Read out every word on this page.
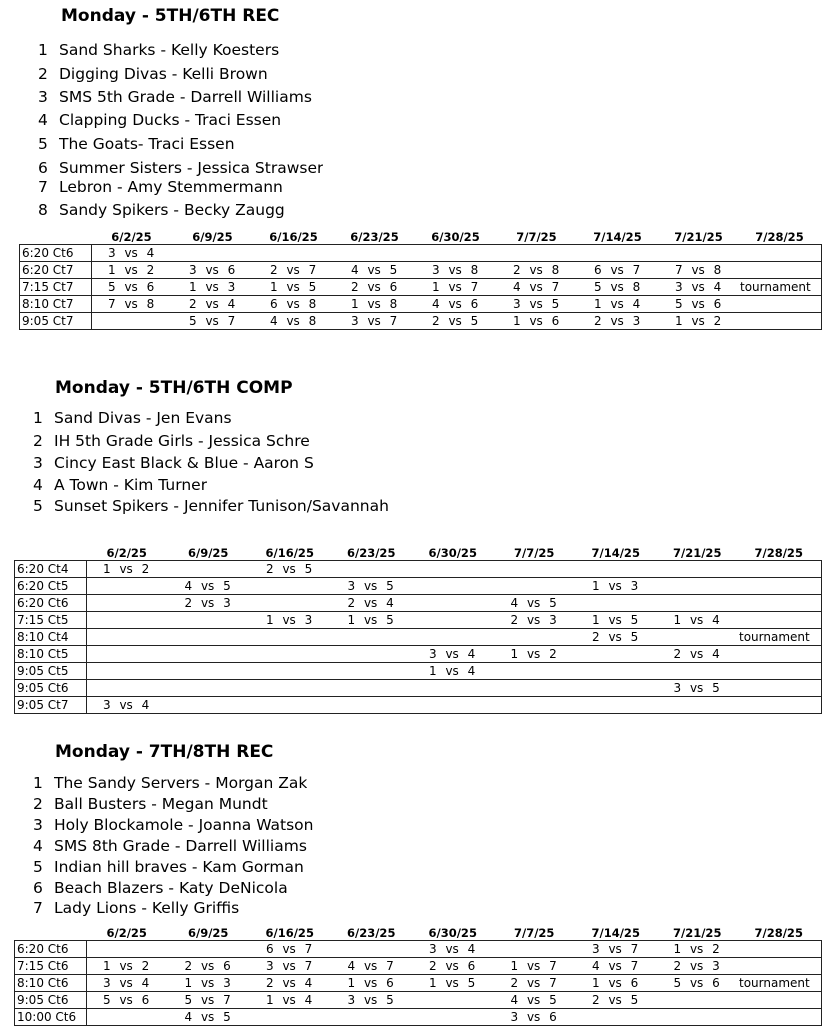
Monday - 5TH/6TH REC
1 Sand Sharks - Kelly Koesters
2 Digging Divas - Kelli Brown
3 SMS 5th Grade - Darrell Williams
4 Clapping Ducks - Traci Essen
5 The Goats- Traci Essen
6 Summer Sisters - Jessica Strawser
7 Lebron - Amy Stemmermann
8 Sandy Spikers - Becky Zaugg
6/2/25	6/9/25	6/16/25	6/23/25	6/30/25	7/7/25	7/14/25	7/21/25	7/28/25
6:20 Ct6	3 vs 4								

6:20 Ct7	1 vs 2	3 vs 6	2 vs 7	4 vs 5	3 vs 8	2 vs 8	6 vs 7	7 vs 8	

7:15 Ct7	5 vs 6	1 vs 3	1 vs 5	2 vs 6	1 vs 7	4 vs 7	5 vs 8	3 vs 4	tournament

8:10 Ct7	7 vs 8	2 vs 4	6 vs 8	1 vs 8	4 vs 6	3 vs 5	1 vs 4	5 vs 6	

9:05 Ct7		5 vs 7	4 vs 8	3 vs 7	2 vs 5	1 vs 6	2 vs 3	1 vs 2	

Monday - 5TH/6TH COMP
1 Sand Divas - Jen Evans
2 IH 5th Grade Girls - Jessica Schre
3 Cincy East Black & Blue - Aaron S
4 A Town - Kim Turner
5 Sunset Spikers - Jennifer Tunison/Savannah
6/2/25	6/9/25	6/16/25	6/23/25	6/30/25	7/7/25	7/14/25	7/21/25	7/28/25
6:20 Ct4	1 vs 2		2 vs 5						

6:20 Ct5		4 vs 5		3 vs 5			1 vs 3		

6:20 Ct6		2 vs 3		2 vs 4		4 vs 5			

7:15 Ct5			1 vs 3	1 vs 5		2 vs 3	1 vs 5	1 vs 4	

8:10 Ct4							2 vs 5		tournament

8:10 Ct5					3 vs 4	1 vs 2		2 vs 4	

9:05 Ct5					1 vs 4				

9:05 Ct6								3 vs 5	

9:05 Ct7	3 vs 4								

Monday - 7TH/8TH REC
1 The Sandy Servers - Morgan Zak
2 Ball Busters - Megan Mundt
3 Holy Blockamole - Joanna Watson
4 SMS 8th Grade - Darrell Williams
5 Indian hill braves - Kam Gorman
6 Beach Blazers - Katy DeNicola
7 Lady Lions - Kelly Griffis
6/2/25	6/9/25	6/16/25	6/23/25	6/30/25	7/7/25	7/14/25	7/21/25	7/28/25
6:20 Ct6			6 vs 7		3 vs 4		3 vs 7	1 vs 2	

7:15 Ct6	1 vs 2	2 vs 6	3 vs 7	4 vs 7	2 vs 6	1 vs 7	4 vs 7	2 vs 3	

8:10 Ct6	3 vs 4	1 vs 3	2 vs 4	1 vs 6	1 vs 5	2 vs 7	1 vs 6	5 vs 6	tournament

9:05 Ct6	5 vs 6	5 vs 7	1 vs 4	3 vs 5		4 vs 5	2 vs 5		

10:00 Ct6		4 vs 5				3 vs 6			
